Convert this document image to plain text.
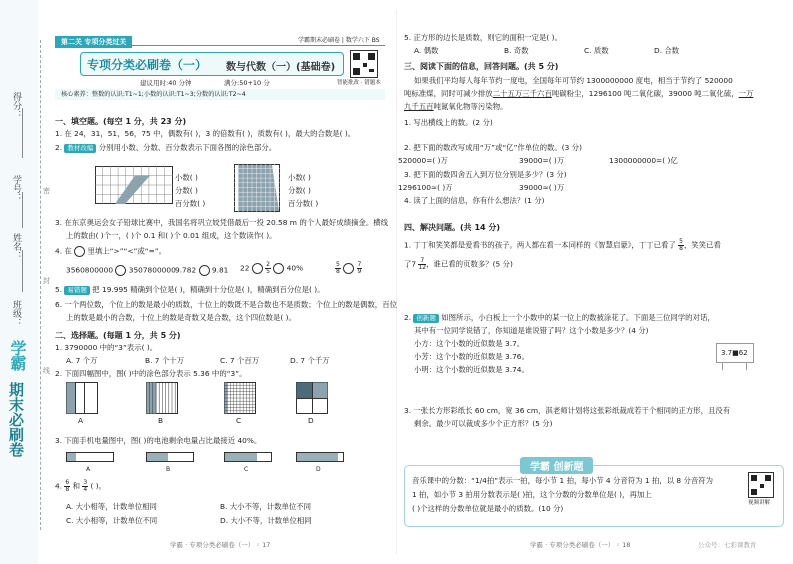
得分：
学号：
姓名：
班级：
密
封
线
学霸
期末必刷卷
第二关 专项分类过关	学霸期末必刷卷 | 数学六下 BS
专项分类必刷卷（一） 数与代数（一）(基础卷)
智能批改 · 错题本
建议用时:40 分钟	满分:50+10 分
核心素养：整数的认识:T1~1;小数的认识:T1~3;分数的认识:T2~4
一、填空题。(每空 1 分，共 23 分)
1. 在 24，31，51，56，75 中，偶数有( )，3 的倍数有( )，质数有( )，最大的合数是( )。
2. 教材改编 分别用小数、分数、百分数表示下面各图的涂色部分。
小数( )
分数( )
百分数( )
小数( )
分数( )
百分数( )
3. 在东京奥运会女子铅球比赛中，我国名将巩立姣凭借最后一投 20.58 m 的个人最好成绩摘金。横线
上的数由( )个一，( )个 0.1 和( )个 0.01 组成，这个数读作( )。
4. 在  里填上“>”“<”或“=”。
3560800000 3507800000 9.782 9.81 22	$\frac{2}{5} 40\%$	$\frac{5}{8}$
	$\frac{7}{9}$
5. 易错题 把 19.995 精确到个位是( )，精确到十分位是( )，精确到百分位是( )。
6. 一个两位数，个位上的数是最小的质数，十位上的数既不是合数也不是质数；个位上的数是偶数，百位
上的数是最小的合数，十位上的数是奇数又是合数，这个四位数是( )。
二、选择题。(每题 1 分，共 5 分)
1. 3790000 中的“3”表示( )。
A. 7 个万	B. 7 个十万	C. 7 个百万	D. 7 个千万
2. 下面四幅图中，图( )中的涂色部分表示 5.36 中的“3”。
A	B	C	D
3. 下面手机电量图中，图( )的电池剩余电量占比最接近 40%。
A	B	C	D
4. $\frac{6}{8}$ 和 $\frac{3}{4}$ ( )。
A. 大小相等，计数单位相同	B. 大小不等，计数单位不同
C. 大小相等，计数单位不同	D. 大小不等，计数单位相同
学霸 · 专项分类必刷卷（一） ◦ 17
5. 正方形的边长是质数，则它的面积一定是( )。
A. 偶数	B. 奇数	C. 质数	D. 合数
三、阅读下面的信息，回答问题。(共 5 分)
如果我们平均每人每年节约一度电，全国每年可节约 1300000000 度电，相当于节约了 520000
吨标准煤，同时可减少排放二十五万三千六百吨碳粉尘，1296100 吨二氧化碳，39000 吨二氧化硫，一万
九千五百吨氮氧化物等污染物。
1. 写出横线上的数。(2 分)
2. 把下面的数改写成用“万”或“亿”作单位的数。(3 分)
520000=( )万	39000=( )万	1300000000=( )亿
3. 把下面的数四舍五入到万位分别是多少？(3 分)
1296100≈( )万	39000≈( )万
4. 读了上面的信息，你有什么想法？(1 分)
四、解决问题。(共 14 分)
1. 丁丁和笑笑都是爱看书的孩子。两人都在看一本同样的《智慧启蒙》，丁丁已看了 $\frac{5}{8}$ ，笑笑已看
了$7 \frac{7}{12}$ ，谁已看的页数多？(5 分)
2. 创新题 如图所示，小白板上一个小数中的某一位上的数被涂花了。下面是三位同学的对话，
其中有一位同学说错了，你知道是谁说错了吗？这个小数是多少？(4 分)
小方：这个小数的近似数是 3.7。
小芳：这个小数的近似数是 3.76。
小明：这个小数的近似数是 3.74。
3.7■62
3. 一张长方形彩纸长 60 cm，宽 36 cm，淇老师计划将这张彩纸裁成若干个相同的正方形，且没有
剩余。最少可以裁成多少个正方形？(5 分)
学霸 创新题
音乐课中的分数：“1/4拍”表示一拍，每小节 1 拍，每小节 4 分音符为 1 拍，以 8 分音符为
1 拍，如小节 3 拍用分数表示是( )拍，这个分数的分数单位是( )，再加上
( )个这样的分数单位就是最小的质数。(10 分)
视频讲解
学霸 · 专项分类必刷卷（一） ◦ 18	公众号：七彩课教育
